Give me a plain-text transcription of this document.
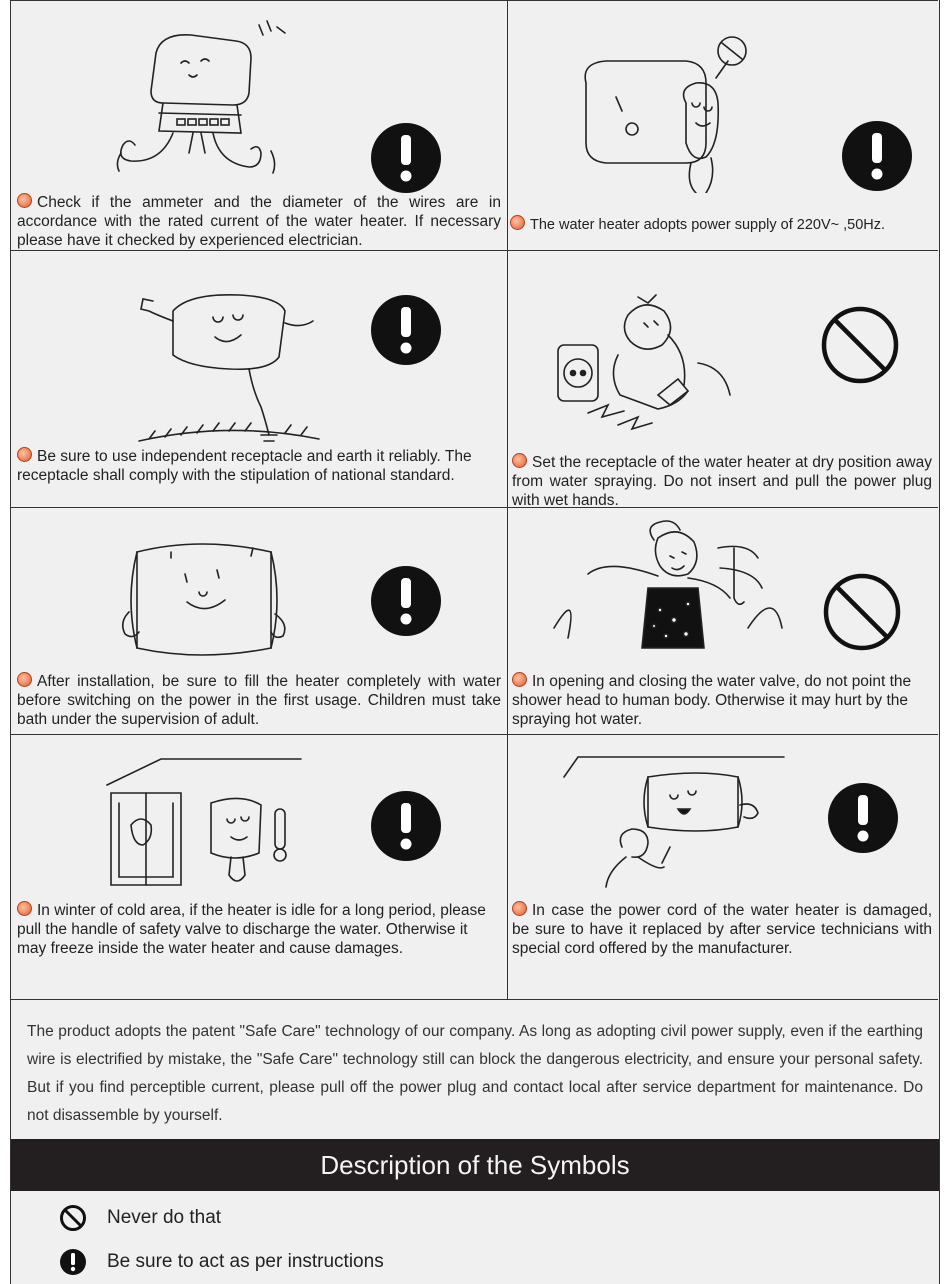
Check if the ammeter and the diameter of the wires are in accordance with the rated current of the water heater. If necessary please have it checked by experienced electrician.
The water heater adopts power supply of 220V~ ,50Hz.
Be sure to use independent receptacle and earth it reliably. The receptacle shall comply with the stipulation of national standard.
Set the receptacle of the water heater at dry position away from water spraying. Do not insert and pull the power plug with wet hands.
After installation, be sure to fill the heater completely with water before switching on the power in the first usage. Children must take bath under the supervision of adult.
In opening and closing the water valve, do not point the shower head to human body. Otherwise it may hurt by the spraying hot water.
In winter of cold area, if the heater is idle for a long period, please pull the handle of safety valve to discharge the water. Otherwise it may freeze inside the water heater and cause damages.
In case the power cord of the water heater is damaged, be sure to have it replaced by after service technicians with special cord offered by the manufacturer.

The product adopts the patent "Safe Care" technology of our company. As long as adopting civil power supply, even if the earthing wire is electrified by mistake, the "Safe Care" technology still can block the dangerous electricity, and ensure your personal safety. But if you find perceptible current, please pull off the power plug and contact local after service department for maintenance. Do not disassemble by yourself.

Description of the Symbols
Never do that
Be sure to act as per instructions
